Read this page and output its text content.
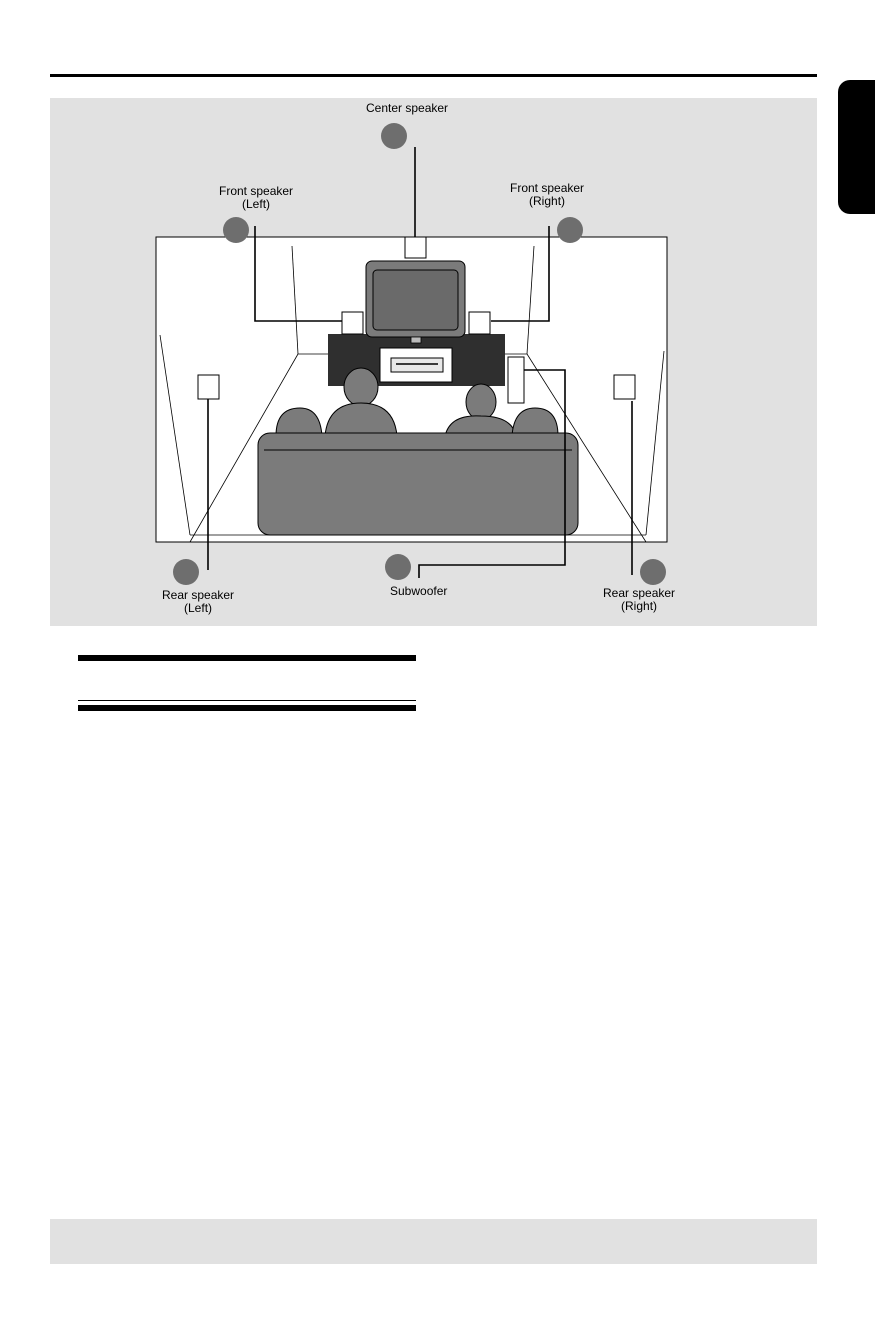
Center speaker
Front speaker
(Left)
Front speaker
(Right)
Rear speaker
(Left)
Subwoofer	Rear speaker
(Right)
